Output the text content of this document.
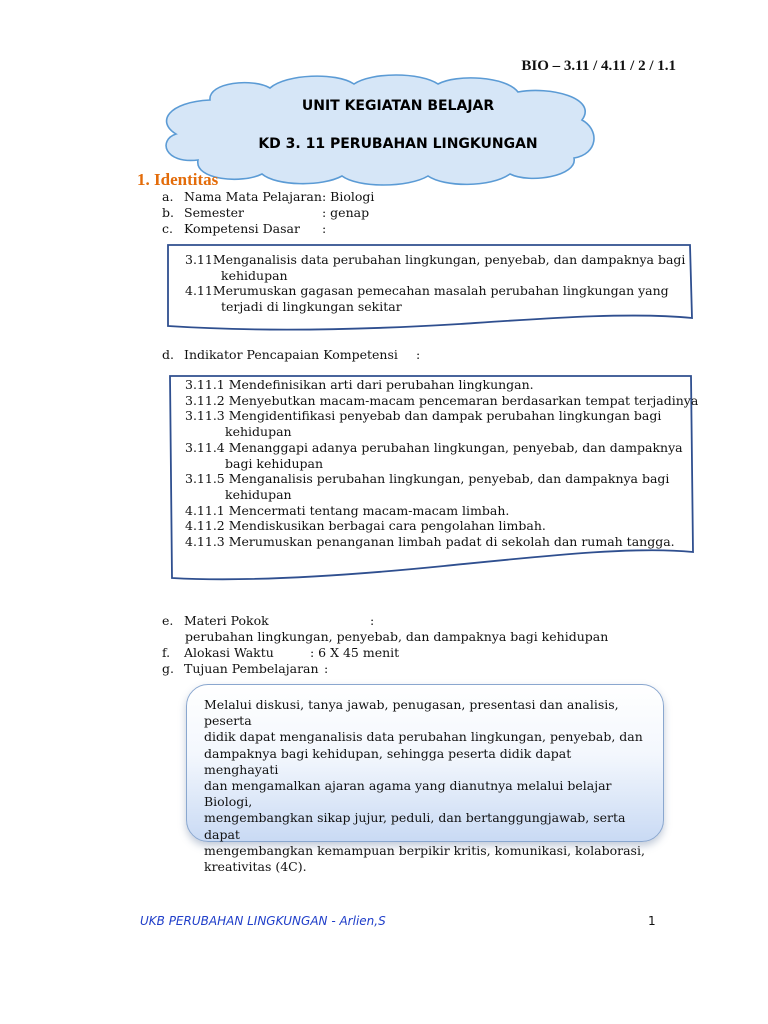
BIO – 3.11 / 4.11 / 2 / 1.1
UNIT KEGIATAN BELAJAR
KD 3. 11 PERUBAHAN LINGKUNGAN
1. Identitas
a. Nama Mata Pelajaran: Biologi
b. Semester	: genap
c. Kompetensi Dasar :
3.11Menganalisis data perubahan lingkungan, penyebab, dan dampaknya bagi
kehidupan
4.11Merumuskan gagasan pemecahan masalah perubahan lingkungan yang
terjadi di lingkungan sekitar
d. Indikator Pencapaian Kompetensi :
3.11.1 Mendefinisikan arti dari perubahan lingkungan.
3.11.2 Menyebutkan macam-macam pencemaran berdasarkan tempat terjadinya
3.11.3 Mengidentifikasi penyebab dan dampak perubahan lingkungan bagi
kehidupan
3.11.4 Menanggapi adanya perubahan lingkungan, penyebab, dan dampaknya
bagi kehidupan
3.11.5 Menganalisis perubahan lingkungan, penyebab, dan dampaknya bagi
kehidupan
4.11.1 Mencermati tentang macam-macam limbah.
4.11.2 Mendiskusikan berbagai cara pengolahan limbah.
4.11.3 Merumuskan penanganan limbah padat di sekolah dan rumah tangga.
e. Materi Pokok	:
perubahan lingkungan, penyebab, dan dampaknya bagi kehidupan
f. Alokasi Waktu	: 6 X 45 menit
g. Tujuan Pembelajaran :
Melalui diskusi, tanya jawab, penugasan, presentasi dan analisis, peserta
didik dapat menganalisis data perubahan lingkungan, penyebab, dan
dampaknya bagi kehidupan, sehingga peserta didik dapat menghayati
dan mengamalkan ajaran agama yang dianutnya melalui belajar Biologi,
mengembangkan sikap jujur, peduli, dan bertanggungjawab, serta dapat
mengembangkan kemampuan berpikir kritis, komunikasi, kolaborasi,
kreativitas (4C).
UKB PERUBAHAN LINGKUNGAN - Arlien,S	1
